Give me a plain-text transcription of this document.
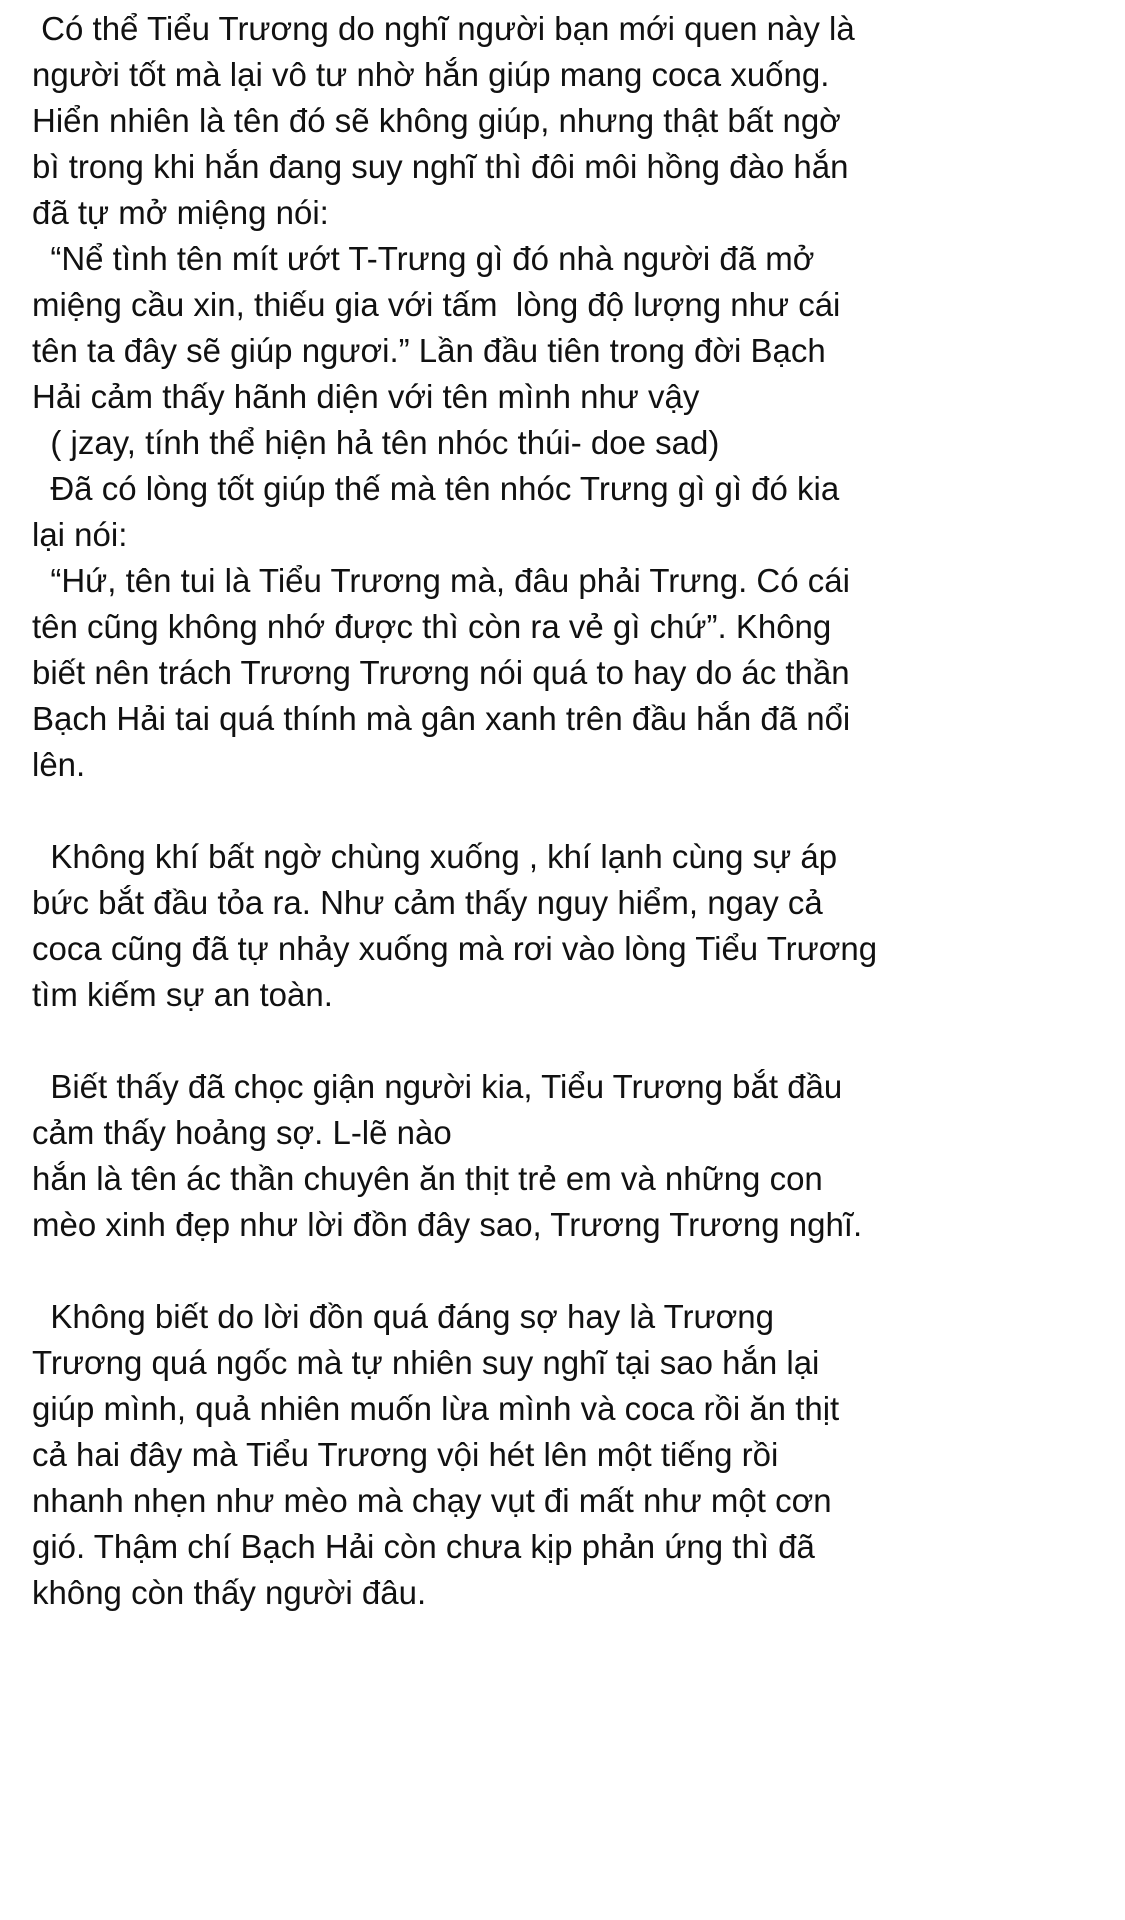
Có thể Tiểu Trương do nghĩ người bạn mới quen này là
người tốt mà lại vô tư nhờ hắn giúp mang coca xuống.
Hiển nhiên là tên đó sẽ không giúp, nhưng thật bất ngờ
bì trong khi hắn đang suy nghĩ thì đôi môi hồng đào hắn
đã tự mở miệng nói:
“Nể tình tên mít ướt T-Trưng gì đó nhà người đã mở
miệng cầu xin, thiếu gia với tấm  lòng độ lượng như cái
tên ta đây sẽ giúp ngươi.” Lần đầu tiên trong đời Bạch
Hải cảm thấy hãnh diện với tên mình như vậy
( jzay, tính thể hiện hả tên nhóc thúi- doe sad)
Đã có lòng tốt giúp thế mà tên nhóc Trưng gì gì đó kia
lại nói:
“Hứ, tên tui là Tiểu Trương mà, đâu phải Trưng. Có cái
tên cũng không nhớ được thì còn ra vẻ gì chứ”. Không
biết nên trách Trương Trương nói quá to hay do ác thần
Bạch Hải tai quá thính mà gân xanh trên đầu hắn đã nổi
lên.
Không khí bất ngờ chùng xuống , khí lạnh cùng sự áp
bức bắt đầu tỏa ra. Như cảm thấy nguy hiểm, ngay cả
coca cũng đã tự nhảy xuống mà rơi vào lòng Tiểu Trương
tìm kiếm sự an toàn.
Biết thấy đã chọc giận người kia, Tiểu Trương bắt đầu
cảm thấy hoảng sợ. L-lẽ nào
hắn là tên ác thần chuyên ăn thịt trẻ em và những con
mèo xinh đẹp như lời đồn đây sao, Trương Trương nghĩ.
Không biết do lời đồn quá đáng sợ hay là Trương
Trương quá ngốc mà tự nhiên suy nghĩ tại sao hắn lại
giúp mình, quả nhiên muốn lừa mình và coca rồi ăn thịt
cả hai đây mà Tiểu Trương vội hét lên một tiếng rồi
nhanh nhẹn như mèo mà chạy vụt đi mất như một cơn
gió. Thậm chí Bạch Hải còn chưa kịp phản ứng thì đã
không còn thấy người đâu.
